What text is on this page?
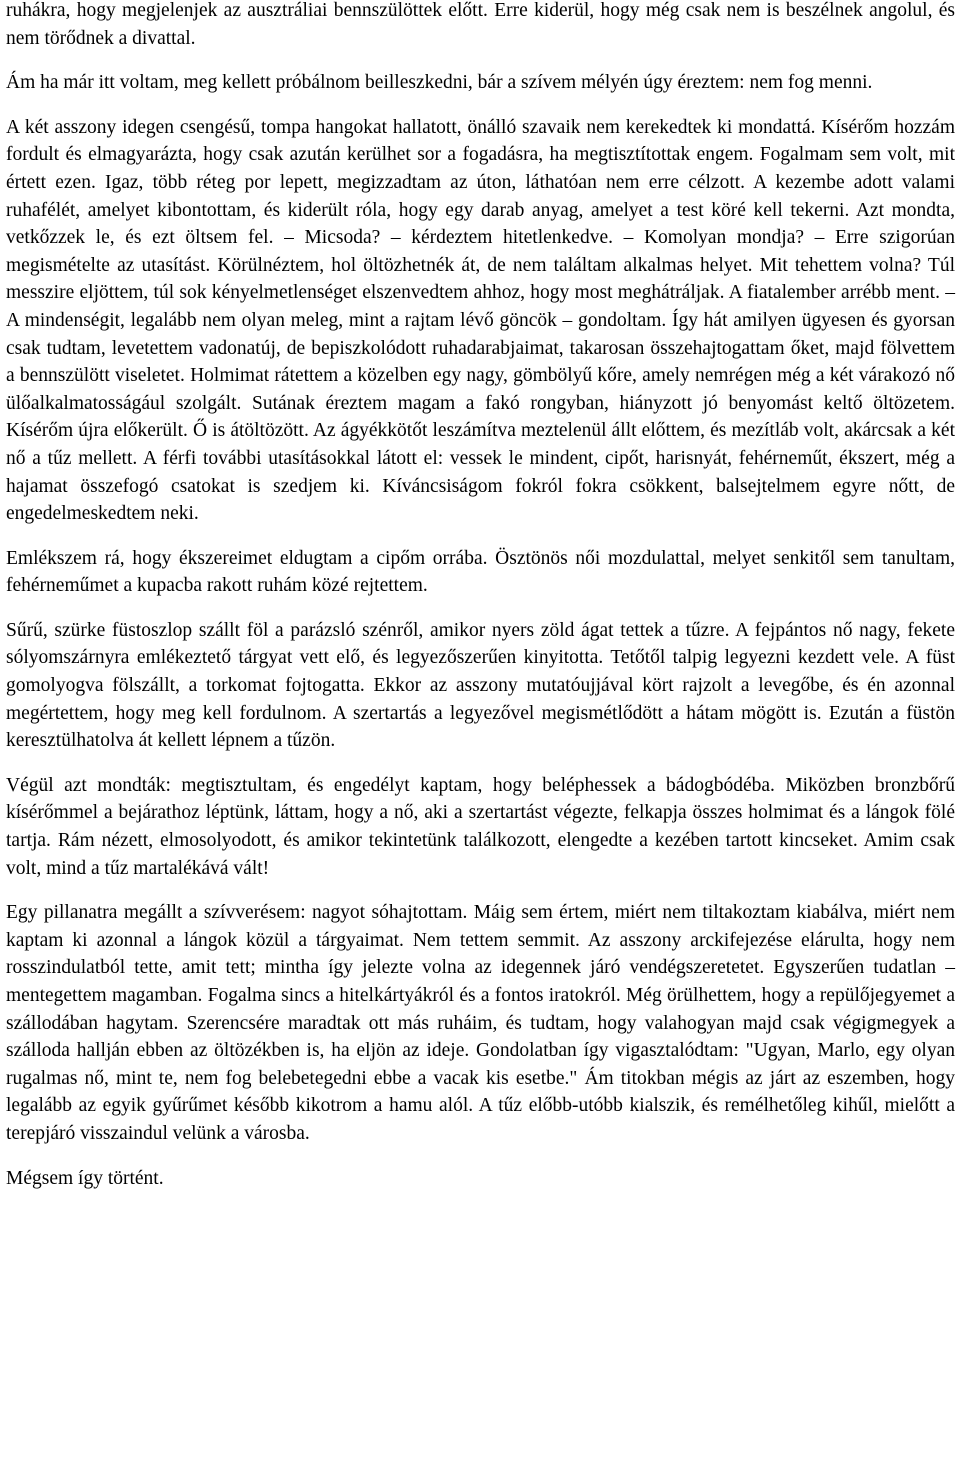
ruhákra, hogy megjelenjek az ausztráliai bennszülöttek előtt. Erre kiderül, hogy még csak nem is beszélnek angolul, és nem törődnek a divattal.

Ám ha már itt voltam, meg kellett próbálnom beilleszkedni, bár a szívem mélyén úgy éreztem: nem fog menni.

A két asszony idegen csengésű, tompa hangokat hallatott, önálló szavaik nem kerekedtek ki mondattá. Kísérőm hozzám fordult és elmagyarázta, hogy csak azután kerülhet sor a fogadásra, ha megtisztítottak engem. Fogalmam sem volt, mit értett ezen. Igaz, több réteg por lepett, megizzadtam az úton, láthatóan nem erre célzott. A kezembe adott valami ruhafélét, amelyet kibontottam, és kiderült róla, hogy egy darab anyag, amelyet a test köré kell tekerni. Azt mondta, vetkőzzek le, és ezt öltsem fel. – Micsoda? – kérdeztem hitetlenkedve. – Komolyan mondja? – Erre szigorúan megismételte az utasítást. Körülnéztem, hol öltözhetnék át, de nem találtam alkalmas helyet. Mit tehettem volna? Túl messzire eljöttem, túl sok kényelmetlenséget elszenvedtem ahhoz, hogy most meghátráljak. A fiatalember arrébb ment. – A mindenségit, legalább nem olyan meleg, mint a rajtam lévő göncök – gondoltam. Így hát amilyen ügyesen és gyorsan csak tudtam, levetettem vadonatúj, de bepiszkolódott ruhadarabjaimat, takarosan összehajtogattam őket, majd fölvettem a bennszülött viseletet. Holmimat rátettem a közelben egy nagy, gömbölyű kőre, amely nemrégen még a két várakozó nő ülőalkalmatosságául szolgált. Sutának éreztem magam a fakó rongyban, hiányzott jó benyomást keltő öltözetem. Kísérőm újra előkerült. Ő is átöltözött. Az ágyékkötőt leszámítva meztelenül állt előttem, és mezítláb volt, akárcsak a két nő a tűz mellett. A férfi további utasításokkal látott el: vessek le mindent, cipőt, harisnyát, fehérneműt, ékszert, még a hajamat összefogó csatokat is szedjem ki. Kíváncsiságom fokról fokra csökkent, balsejtelmem egyre nőtt, de engedelmeskedtem neki.

Emlékszem rá, hogy ékszereimet eldugtam a cipőm orrába. Ösztönös női mozdulattal, melyet senkitől sem tanultam, fehérneműmet a kupacba rakott ruhám közé rejtettem.

Sűrű, szürke füstoszlop szállt föl a parázsló szénről, amikor nyers zöld ágat tettek a tűzre. A fejpántos nő nagy, fekete sólyomszárnyra emlékeztető tárgyat vett elő, és legyezőszerűen kinyitotta. Tetőtől talpig legyezni kezdett vele. A füst gomolyogva fölszállt, a torkomat fojtogatta. Ekkor az asszony mutatóujjával kört rajzolt a levegőbe, és én azonnal megértettem, hogy meg kell fordulnom. A szertartás a legyezővel megismétlődött a hátam mögött is. Ezután a füstön keresztülhatolva át kellett lépnem a tűzön.

Végül azt mondták: megtisztultam, és engedélyt kaptam, hogy beléphessek a bádogbódéba. Miközben bronzbőrű kísérőmmel a bejárathoz léptünk, láttam, hogy a nő, aki a szertartást végezte, felkapja összes holmimat és a lángok fölé tartja. Rám nézett, elmosolyodott, és amikor tekintetünk találkozott, elengedte a kezében tartott kincseket. Amim csak volt, mind a tűz martalékává vált!

Egy pillanatra megállt a szívverésem: nagyot sóhajtottam. Máig sem értem, miért nem tiltakoztam kiabálva, miért nem kaptam ki azonnal a lángok közül a tárgyaimat. Nem tettem semmit. Az asszony arckifejezése elárulta, hogy nem rosszindulatból tette, amit tett; mintha így jelezte volna az idegennek járó vendégszeretetet. Egyszerűen tudatlan – mentegettem magamban. Fogalma sincs a hitelkártyákról és a fontos iratokról. Még örülhettem, hogy a repülőjegyemet a szállodában hagytam. Szerencsére maradtak ott más ruháim, és tudtam, hogy valahogyan majd csak végigmegyek a szálloda hallján ebben az öltözékben is, ha eljön az ideje. Gondolatban így vigasztalódtam: "Ugyan, Marlo, egy olyan rugalmas nő, mint te, nem fog belebetegedni ebbe a vacak kis esetbe." Ám titokban mégis az járt az eszemben, hogy legalább az egyik gyűrűmet később kikotrom a hamu alól. A tűz előbb-utóbb kialszik, és remélhetőleg kihűl, mielőtt a terepjáró visszaindul velünk a városba.

Mégsem így történt.
